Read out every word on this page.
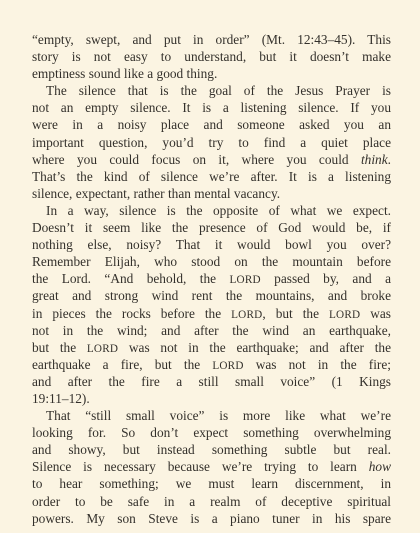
“empty, swept, and put in order” (Mt. 12:43–45). This
story is not easy to understand, but it doesn’t make
emptiness sound like a good thing.
The silence that is the goal of the Jesus Prayer is
not an empty silence. It is a listening silence. If you
were in a noisy place and someone asked you an
important question, you’d try to find a quiet place
where you could focus on it, where you could think.
That’s the kind of silence we’re after. It is a listening
silence, expectant, rather than mental vacancy.
In a way, silence is the opposite of what we expect.
Doesn’t it seem like the presence of God would be, if
nothing else, noisy? That it would bowl you over?
Remember Elijah, who stood on the mountain before
the Lord. “And behold, the LORD passed by, and a
great and strong wind rent the mountains, and broke
in pieces the rocks before the LORD, but the LORD was
not in the wind; and after the wind an earthquake,
but the LORD was not in the earthquake; and after the
earthquake a fire, but the LORD was not in the fire;
and after the fire a still small voice” (1 Kings
19:11–12).
That “still small voice” is more like what we’re
looking for. So don’t expect something overwhelming
and showy, but instead something subtle but real.
Silence is necessary because we’re trying to learn how
to hear something; we must learn discernment, in
order to be safe in a realm of deceptive spiritual
powers. My son Steve is a piano tuner in his spare
